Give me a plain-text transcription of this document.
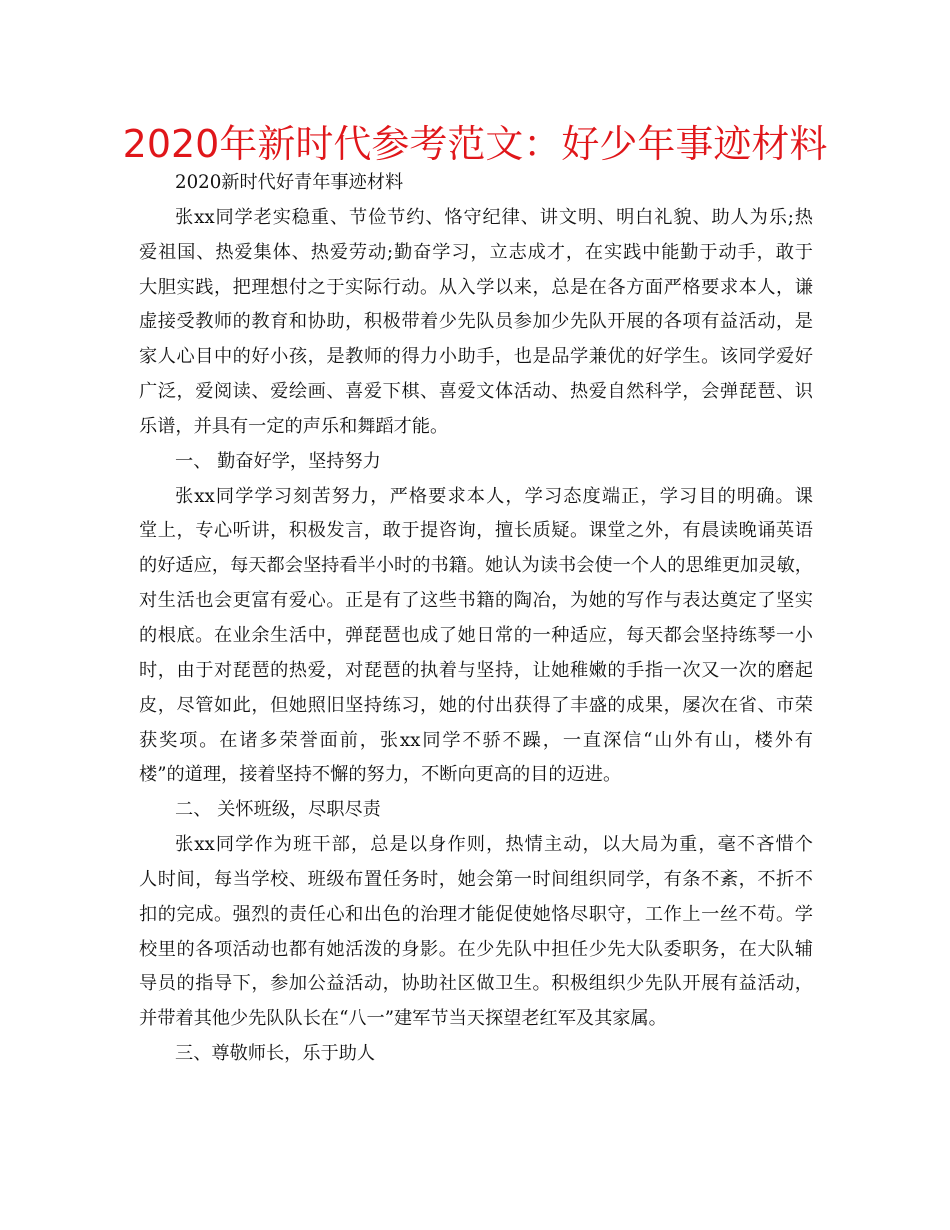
2020年新时代参考范文：好少年事迹材料
2020新时代好青年事迹材料
张xx同学老实稳重、节俭节约、恪守纪律、讲文明、明白礼貌、助人为乐;热
爱祖国、热爱集体、热爱劳动;勤奋学习，立志成才，在实践中能勤于动手，敢于
大胆实践，把理想付之于实际行动。从入学以来，总是在各方面严格要求本人，谦
虚接受教师的教育和协助，积极带着少先队员参加少先队开展的各项有益活动，是
家人心目中的好小孩，是教师的得力小助手，也是品学兼优的好学生。该同学爱好
广泛，爱阅读、爱绘画、喜爱下棋、喜爱文体活动、热爱自然科学，会弹琵琶、识
乐谱，并具有一定的声乐和舞蹈才能。
一、 勤奋好学，坚持努力
张xx同学学习刻苦努力，严格要求本人，学习态度端正，学习目的明确。课
堂上，专心听讲，积极发言，敢于提咨询，擅长质疑。课堂之外，有晨读晚诵英语
的好适应，每天都会坚持看半小时的书籍。她认为读书会使一个人的思维更加灵敏，
对生活也会更富有爱心。正是有了这些书籍的陶冶，为她的写作与表达奠定了坚实
的根底。在业余生活中，弹琵琶也成了她日常的一种适应，每天都会坚持练琴一小
时，由于对琵琶的热爱，对琵琶的执着与坚持，让她稚嫩的手指一次又一次的磨起
皮，尽管如此，但她照旧坚持练习，她的付出获得了丰盛的成果，屡次在省、市荣
获奖项。在诸多荣誉面前，张xx同学不骄不躁，一直深信“山外有山，楼外有
楼”的道理，接着坚持不懈的努力，不断向更高的目的迈进。
二、 关怀班级，尽职尽责
张xx同学作为班干部，总是以身作则，热情主动，以大局为重，毫不吝惜个
人时间，每当学校、班级布置任务时，她会第一时间组织同学，有条不紊，不折不
扣的完成。强烈的责任心和出色的治理才能促使她恪尽职守，工作上一丝不苟。学
校里的各项活动也都有她活泼的身影。在少先队中担任少先大队委职务，在大队辅
导员的指导下，参加公益活动，协助社区做卫生。积极组织少先队开展有益活动，
并带着其他少先队队长在“八一”建军节当天探望老红军及其家属。
三、尊敬师长，乐于助人
